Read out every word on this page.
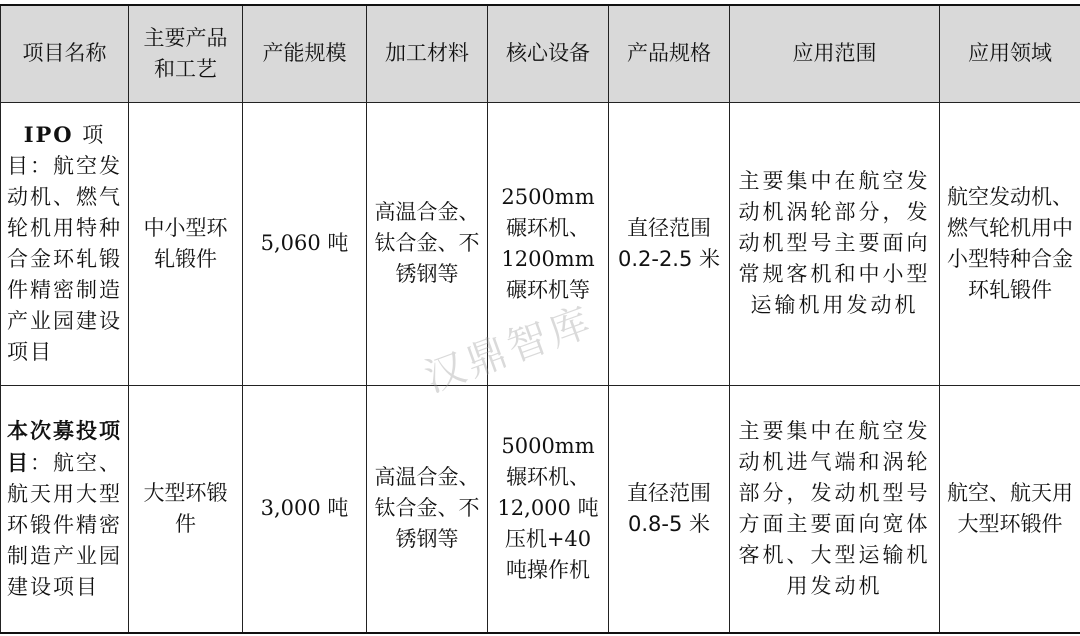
项目名称	主要产品和工艺	产能规模	加工材料	核心设备	产品规格	应用范围	应用领域
IPO 项目：航空发动机、燃气轮机用特种合金环轧锻件精密制造产业园建设项目	中小型环轧锻件	5,060 吨	高温合金、钛合金、不锈钢等	2500mm碾环机、1200mm碾环机等	直径范围 0.2-2.5 米	主要集中在航空发动机涡轮部分，发动机型号主要面向常规客机和中小型运输机用发动机	航空发动机、燃气轮机用中小型特种合金环轧锻件
本次募投项目：航空、航天用大型环锻件精密制造产业园建设项目	大型环锻件	3,000 吨	高温合金、钛合金、不锈钢等	5000mm辗环机、12,000 吨压机+40 吨操作机	直径范围 0.8-5 米	主要集中在航空发动机进气端和涡轮部分，发动机型号方面主要面向宽体客机、大型运输机用发动机	航空、航天用大型环锻件
汉鼎智库
